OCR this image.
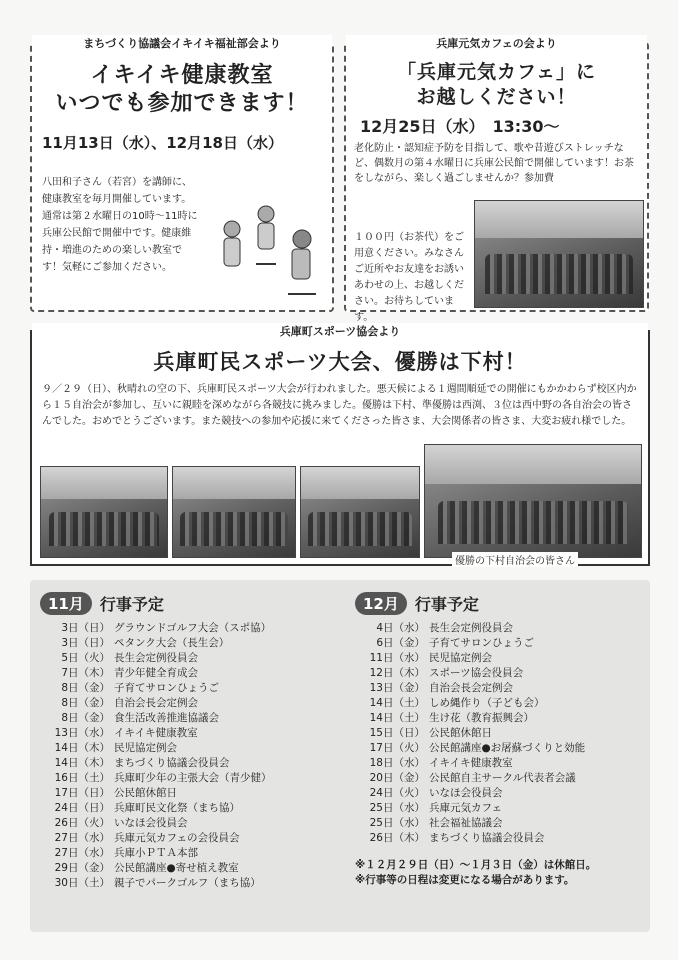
まちづくり協議会イキイキ福祉部会より
イキイキ健康教室
いつでも参加できます！
11月13日（水）、12月18日（水）
八田和子さん（若宮）を講師に、健康教室を毎月開催しています。通常は第２水曜日の10時～11時に兵庫公民館で開催中です。健康維持・増進のための楽しい教室です！気軽にご参加ください。
兵庫元気カフェの会より
「兵庫元気カフェ」に
お越しください！
12月25日（水）　13:30～
老化防止・認知症予防を目指して、歌や昔遊びストレッチなど、偶数月の第４水曜日に兵庫公民館で開催しています！お茶をしながら、楽しく過ごしませんか？参加費
１００円（お茶代）をご用意ください。みなさんご近所やお友達をお誘いあわせの上、お越しください。お待ちしています。
兵庫町スポーツ協会より
兵庫町民スポーツ大会、優勝は下村！
９／２９（日）、秋晴れの空の下、兵庫町民スポーツ大会が行われました。悪天候による１週間順延での開催にもかかわらず校区内から１５自治会が参加し、互いに親睦を深めながら各競技に挑みました。優勝は下村、準優勝は西渕、３位は西中野の各自治会の皆さんでした。おめでとうございます。また競技への参加や応援に来てくださった皆さま、大会関係者の皆さま、大変お疲れ様でした。
優勝の下村自治会の皆さん
11月	行事予定
3日（日） グラウンドゴルフ大会（スポ協）
3日（日） ペタンク大会（長生会）
5日（火） 長生会定例役員会
7日（木） 青少年健全育成会
8日（金） 子育てサロンひょうご
8日（金） 自治会長会定例会
8日（金） 食生活改善推進協議会
13日（水） イキイキ健康教室
14日（木） 民児協定例会
14日（木） まちづくり協議会役員会
16日（土） 兵庫町少年の主張大会（青少健）
17日（日） 公民館休館日
24日（日） 兵庫町民文化祭（まち協）
26日（火） いなほ会役員会
27日（水） 兵庫元気カフェの会役員会
27日（水） 兵庫小ＰＴＡ本部
29日（金） 公民館講座●寄せ植え教室
30日（土） 親子でパークゴルフ（まち協）
12月	行事予定
4日（水） 長生会定例役員会
6日（金） 子育てサロンひょうご
11日（水） 民児協定例会
12日（木） スポーツ協会役員会
13日（金） 自治会長会定例会
14日（土） しめ縄作り（子ども会）
14日（土） 生け花（教育振興会）
15日（日） 公民館休館日
17日（火） 公民館講座●お屠蘇づくりと効能
18日（水） イキイキ健康教室
20日（金） 公民館自主サークル代表者会議
24日（火） いなほ会役員会
25日（水） 兵庫元気カフェ
25日（水） 社会福祉協議会
26日（木） まちづくり協議会役員会
※１２月２９日（日）～１月３日（金）は休館日。
※行事等の日程は変更になる場合があります。
